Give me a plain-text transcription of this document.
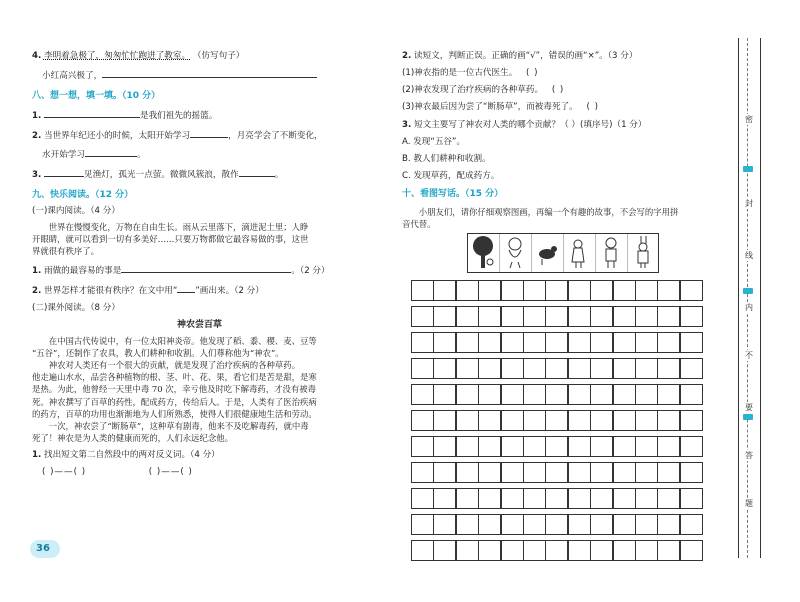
4. 李明着急极了，匆匆忙忙跑进了教室。 （仿写句子）
小红高兴极了，
八、想一想，填一填。（10 分）
1.	是我们祖先的摇篮。
2. 当世界年纪还小的时候，太阳开始学习	，月亮学会了不断变化，
水开始学习	。
3.	见渔灯，孤光一点萤。微微风簇浪，散作	。
九、快乐阅读。（12 分）
(一)课内阅读。（4 分）
世界在慢慢变化，万物在自由生长。雨从云里落下，滴进泥土里；人睁
开眼睛，就可以看到一切有多美好……只要万物都做它最容易做的事，这世
界就很有秩序了。
1. 雨做的最容易的事是	。（2 分）
2. 世界怎样才能很有秩序？在文中用“ ”画出来。（2 分）
(二)课外阅读。（8 分）
神农尝百草
在中国古代传说中，有一位太阳神炎帝。他发现了稻、黍、稷、麦、豆等
“五谷”，还制作了农具，教人们耕种和收割。人们尊称他为“神农”。
神农对人类还有一个很大的贡献，就是发现了治疗疾病的各种草药。
他走遍山水水，品尝各种植物的根、茎、叶、花、果，看它们是苦是甜，是寒
是热。为此，他曾经一天里中毒 70 次，幸亏他及时吃下解毒药，才没有被毒
死。神农撰写了百草的药性，配成药方，传给后人。于是，人类有了医治疾病
的药方，百草的功用也渐渐地为人们所熟悉，使得人们很健康地生活和劳动。
一次，神农尝了“断肠草”，这种草有剧毒，他来不及吃解毒药，就中毒
死了！神农是为人类的健康而死的，人们永远纪念他。
1. 找出短文第二自然段中的两对反义词。（4 分）
( )——( )	( )——( )
36
2. 读短文，判断正误。正确的画“√”，错误的画“×”。（3 分）
(1)神农指的是一位古代医生。 ( )
(2)神农发现了治疗疾病的各种草药。 ( )
(3)神农最后因为尝了“断肠草”，而被毒死了。 ( )
3. 短文主要写了神农对人类的哪个贡献？（ ）(填序号)（1 分）
A. 发现“五谷”。
B. 教人们耕种和收割。
C. 发现草药，配成药方。
十、看图写话。（15 分）
小朋友们，请你仔细观察图画，再编一个有趣的故事，不会写的字用拼
音代替。
密
封
线
内
不
要
答
题
